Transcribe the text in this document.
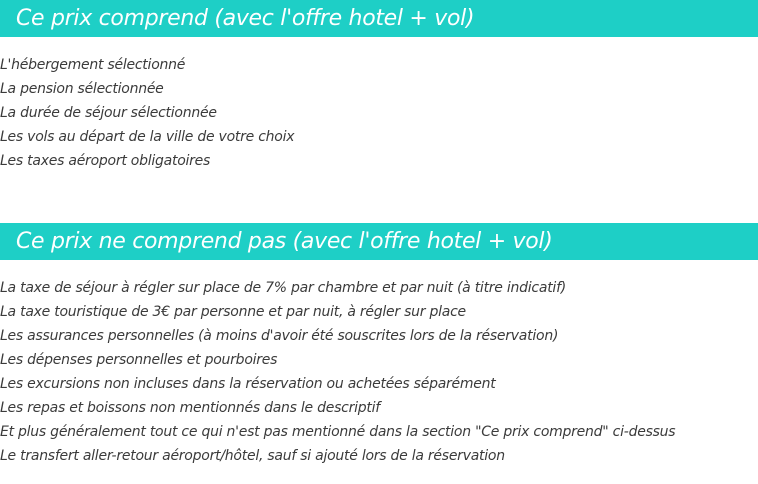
Ce prix comprend (avec l'offre hotel + vol)
L'hébergement sélectionné
La pension sélectionnée
La durée de séjour sélectionnée
Les vols au départ de la ville de votre choix
Les taxes aéroport obligatoires
Ce prix ne comprend pas (avec l'offre hotel + vol)
La taxe de séjour à régler sur place de 7% par chambre et par nuit (à titre indicatif)
La taxe touristique de 3€ par personne et par nuit, à régler sur place
Les assurances personnelles (à moins d'avoir été souscrites lors de la réservation)
Les dépenses personnelles et pourboires
Les excursions non incluses dans la réservation ou achetées séparément
Les repas et boissons non mentionnés dans le descriptif
Et plus généralement tout ce qui n'est pas mentionné dans la section "Ce prix comprend" ci-dessus
Le transfert aller-retour aéroport/hôtel, sauf si ajouté lors de la réservation
